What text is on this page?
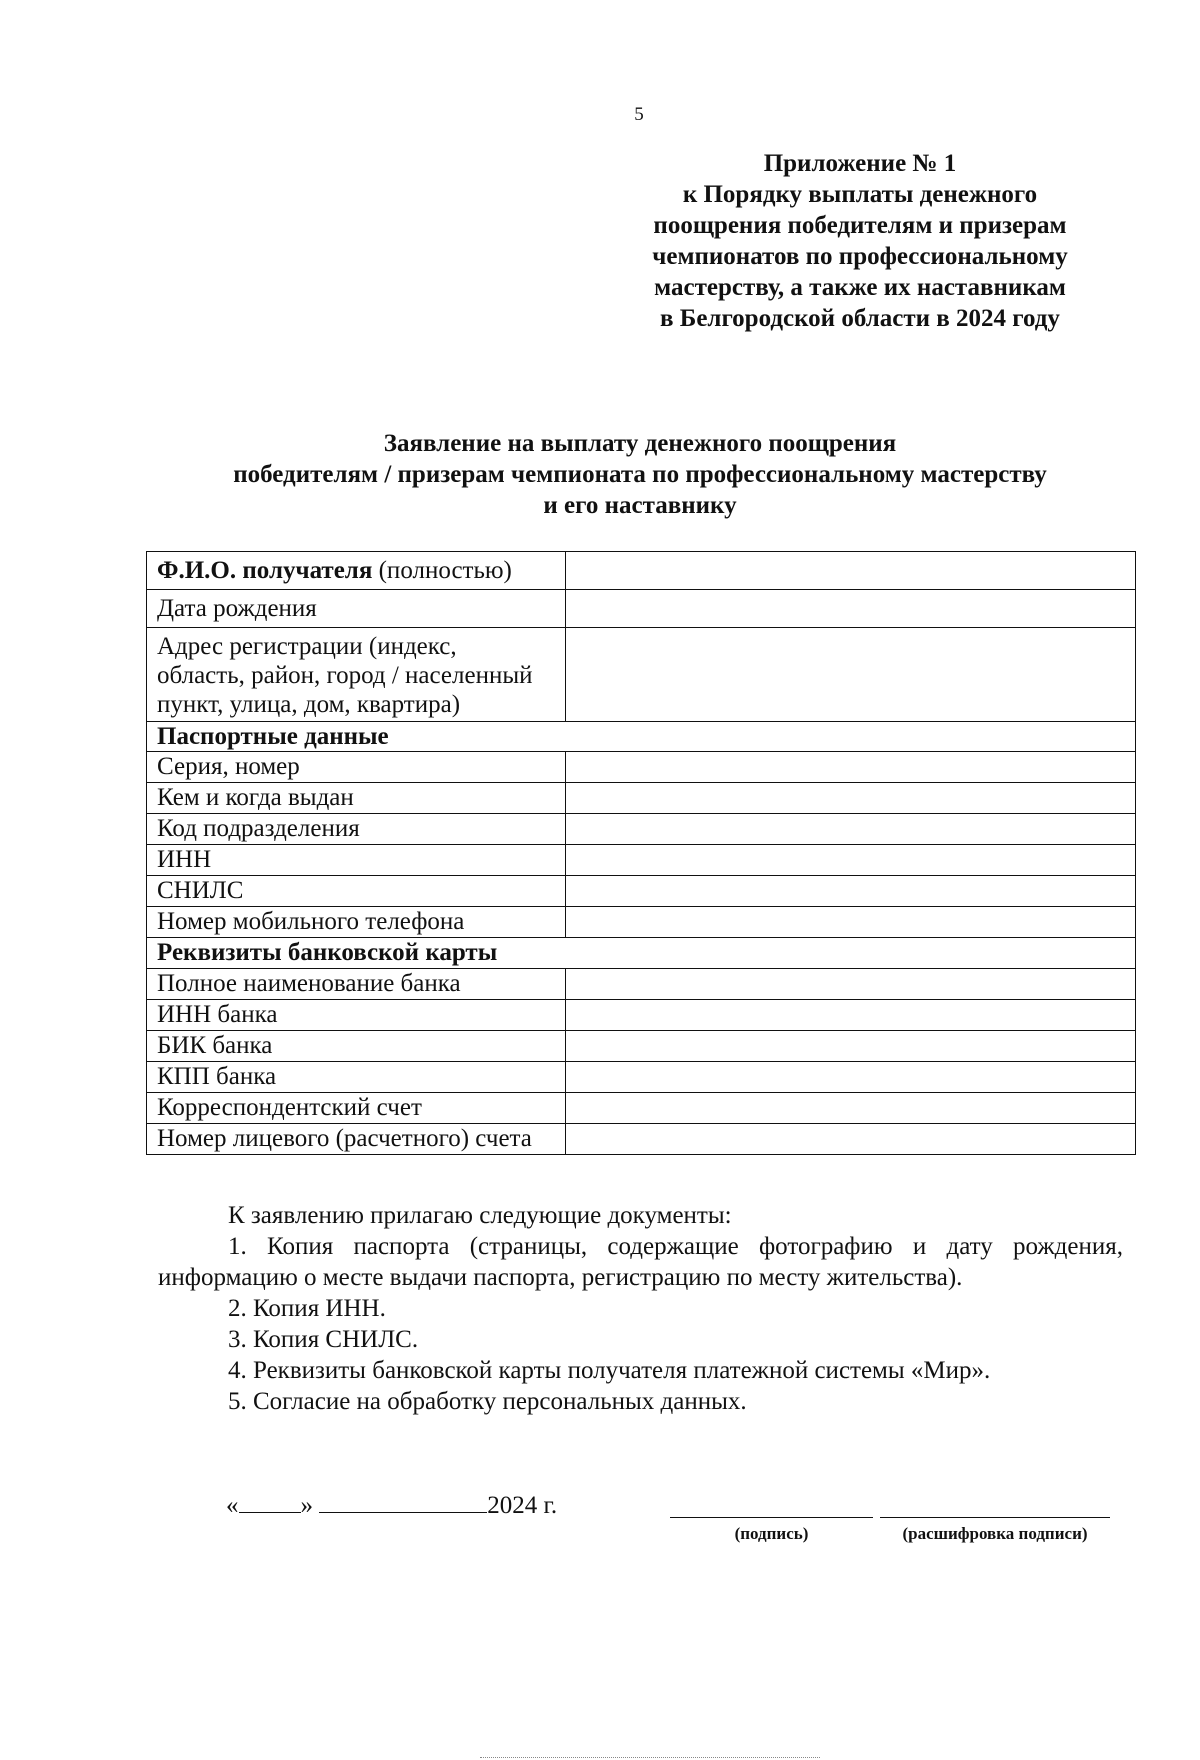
5
Приложение № 1
к Порядку выплаты денежного
поощрения победителям и призерам
чемпионатов по профессиональному
мастерству, а также их наставникам
в Белгородской области в 2024 году
Заявление на выплату денежного поощрения
победителям / призерам чемпионата по профессиональному мастерству
и его наставнику
Ф.И.О. получателя (полностью)	
Дата рождения	

Адрес регистрации (индекс,
область, район, город / населенный
пункт, улица, дом, квартира)	

Паспортные данные	
Серия, номер	
Кем и когда выдан	
Код подразделения	
ИНН	
СНИЛС	
Номер мобильного телефона	
Реквизиты банковской карты	
Полное наименование банка	
ИНН банка	
БИК банка	
КПП банка	
Корреспондентский счет	
Номер лицевого (расчетного) счета	
К заявлению прилагаю следующие документы:
1. Копия паспорта (страницы, содержащие фотографию и дату рождения,
информацию о месте выдачи паспорта, регистрацию по месту жительства).
2. Копия ИНН.
3. Копия СНИЛС.
4. Реквизиты банковской карты получателя платежной системы «Мир».
5. Согласие на обработку персональных данных.
« »	2024 г.
(подпись)	(расшифровка подписи)
